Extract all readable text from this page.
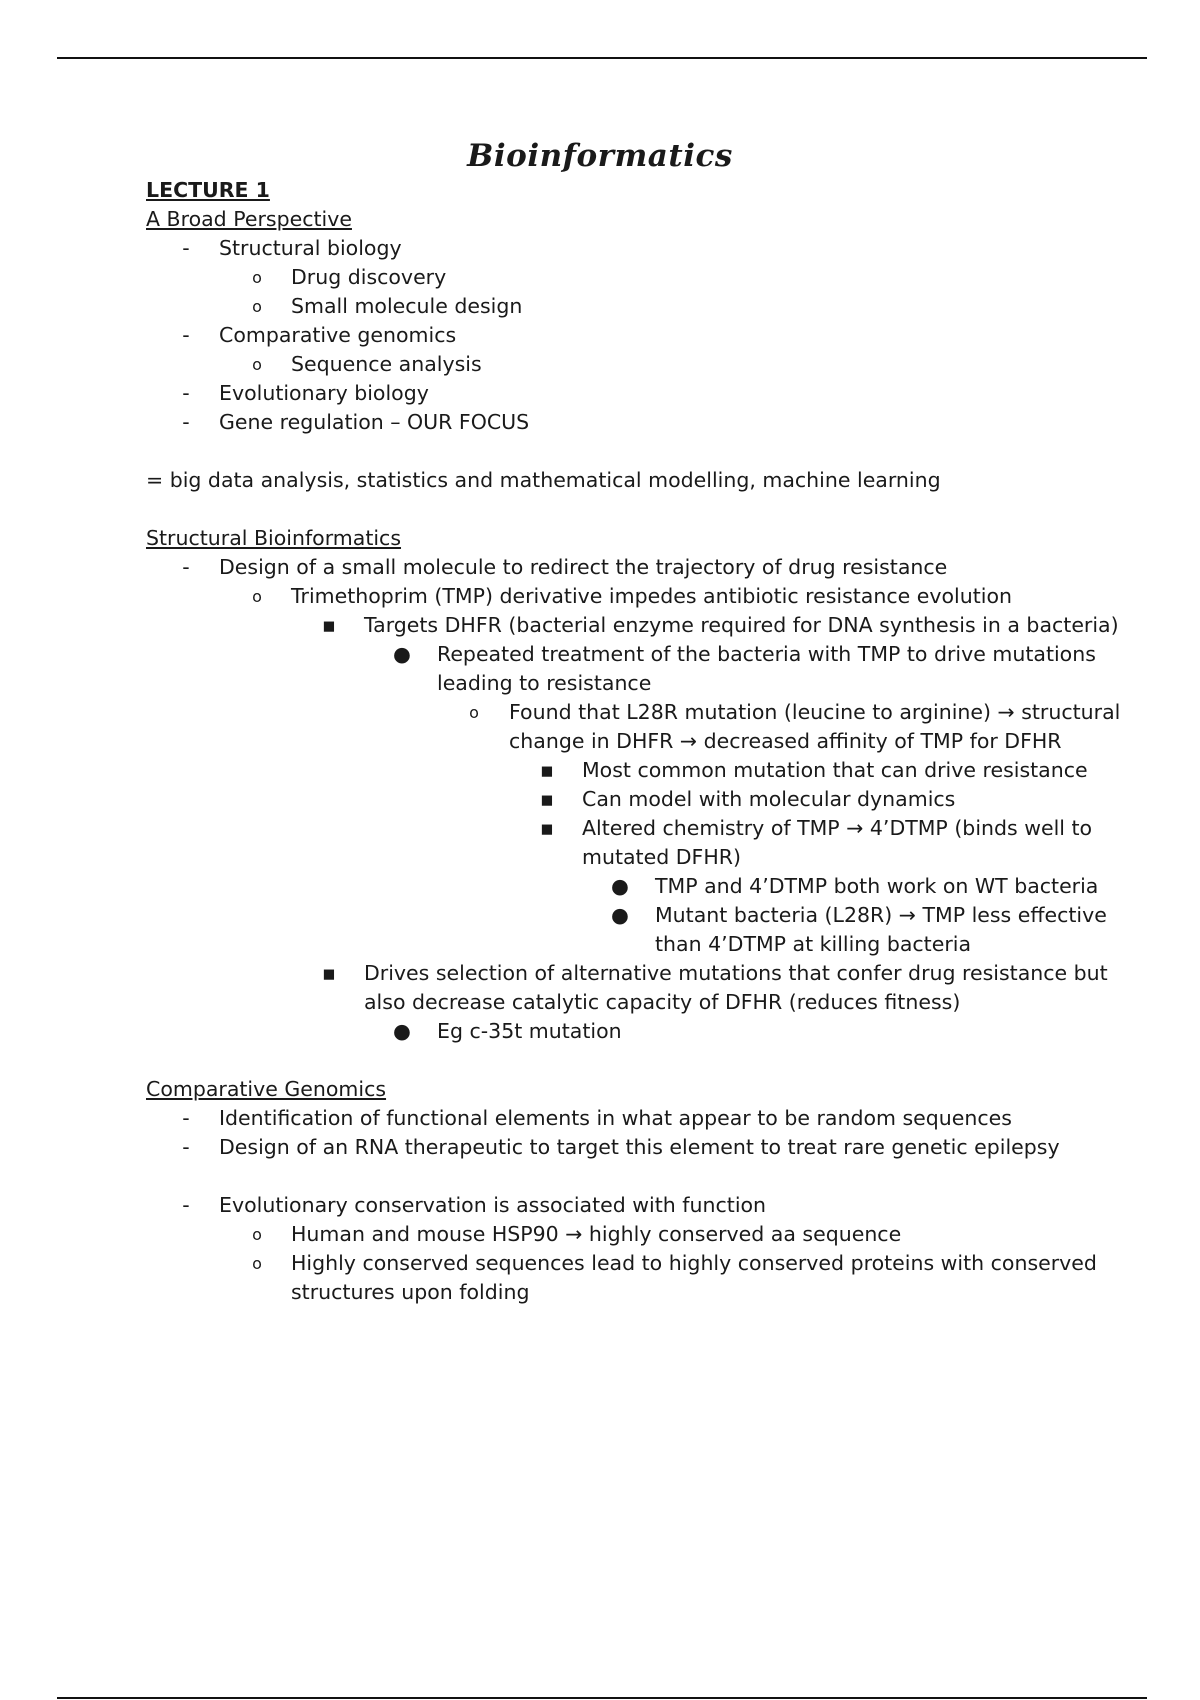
Bioinformatics
LECTURE 1
A Broad Perspective
-	Structural biology
o Drug discovery
o Small molecule design
-	Comparative genomics
o Sequence analysis
-	Evolutionary biology
-	Gene regulation – OUR FOCUS
= big data analysis, statistics and mathematical modelling, machine learning
Structural Bioinformatics
-	Design of a small molecule to redirect the trajectory of drug resistance
o Trimethoprim (TMP) derivative impedes antibiotic resistance evolution
▪ Targets DHFR (bacterial enzyme required for DNA synthesis in a bacteria)
● Repeated treatment of the bacteria with TMP to drive mutations leading to resistance
o Found that L28R mutation (leucine to arginine) → structural change in DHFR → decreased affinity of TMP for DFHR
▪ Most common mutation that can drive resistance
▪ Can model with molecular dynamics
▪ Altered chemistry of TMP → 4’DTMP (binds well to mutated DFHR)
● TMP and 4’DTMP both work on WT bacteria
● Mutant bacteria (L28R) → TMP less effective than 4’DTMP at killing bacteria
▪ Drives selection of alternative mutations that confer drug resistance but also decrease catalytic capacity of DFHR (reduces fitness)
● Eg c-35t mutation
Comparative Genomics
-	Identification of functional elements in what appear to be random sequences
-	Design of an RNA therapeutic to target this element to treat rare genetic epilepsy
-	Evolutionary conservation is associated with function
o Human and mouse HSP90 → highly conserved aa sequence
o Highly conserved sequences lead to highly conserved proteins with conserved structures upon folding
